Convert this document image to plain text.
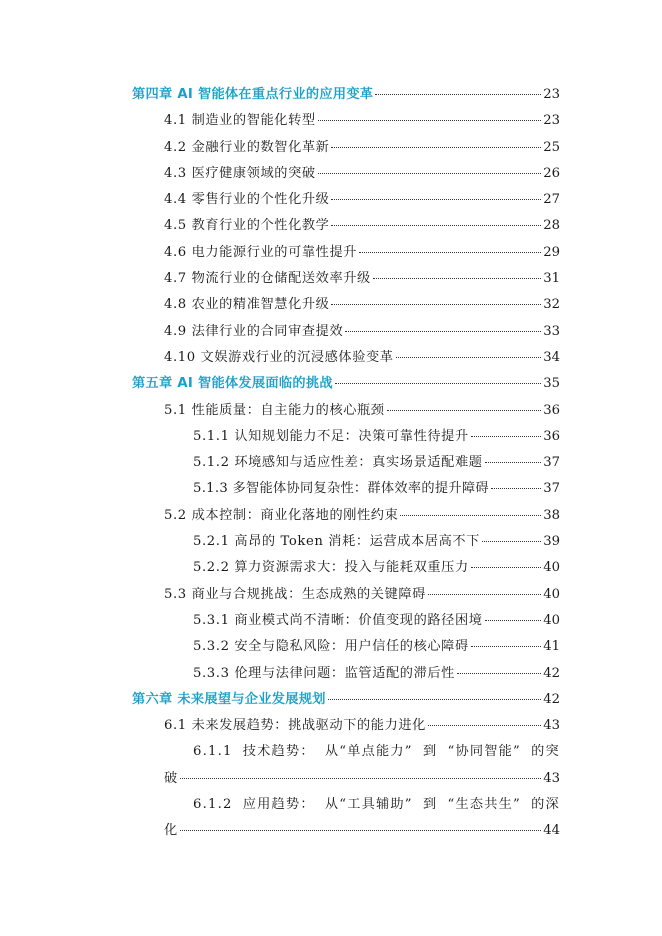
第四章 AI 智能体在重点行业的应用变革	23
4.1 制造业的智能化转型	23
4.2 金融行业的数智化革新	25
4.3 医疗健康领域的突破	26
4.4 零售行业的个性化升级	27
4.5 教育行业的个性化教学	28
4.6 电力能源行业的可靠性提升	29
4.7 物流行业的仓储配送效率升级	31
4.8 农业的精准智慧化升级	32
4.9 法律行业的合同审查提效	33
4.10 文娱游戏行业的沉浸感体验变革	34
第五章 AI 智能体发展面临的挑战	35
5.1 性能质量：自主能力的核心瓶颈	36
5.1.1 认知规划能力不足：决策可靠性待提升	36
5.1.2 环境感知与适应性差：真实场景适配难题	37
5.1.3 多智能体协同复杂性：群体效率的提升障碍	37
5.2 成本控制：商业化落地的刚性约束	38
5.2.1 高昂的 Token 消耗：运营成本居高不下	39
5.2.2 算力资源需求大：投入与能耗双重压力	40
5.3 商业与合规挑战：生态成熟的关键障碍	40
5.3.1 商业模式尚不清晰：价值变现的路径困境	40
5.3.2 安全与隐私风险：用户信任的核心障碍	41
5.3.3 伦理与法律问题：监管适配的滞后性	42
第六章 未来展望与企业发展规划	42
6.1 未来发展趋势：挑战驱动下的能力进化	43
6.1.1 技术趋势： 从“单点能力” 到 “协同智能” 的突
破	43
6.1.2 应用趋势： 从“工具辅助” 到 “生态共生” 的深
化	44
